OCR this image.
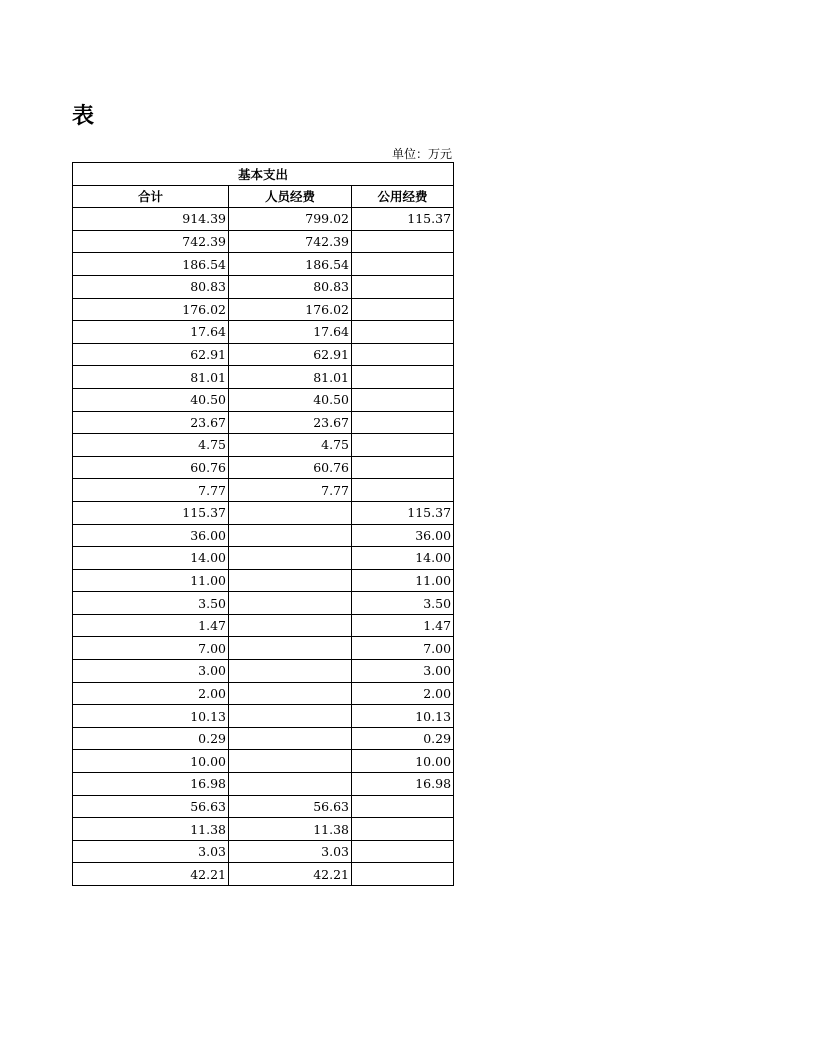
表
单位：万元
基本支出		
合计	人员经费	公用经费
914.39	799.02	115.37
742.39	742.39	
186.54	186.54	
80.83	80.83	
176.02	176.02	
17.64	17.64	
62.91	62.91	
81.01	81.01	
40.50	40.50	
23.67	23.67	
4.75	4.75	
60.76	60.76	
7.77	7.77	
115.37		115.37
36.00		36.00
14.00		14.00
11.00		11.00
3.50		3.50
1.47		1.47
7.00		7.00
3.00		3.00
2.00		2.00
10.13		10.13
0.29		0.29
10.00		10.00
16.98		16.98
56.63	56.63	
11.38	11.38	
3.03	3.03	
42.21	42.21	
